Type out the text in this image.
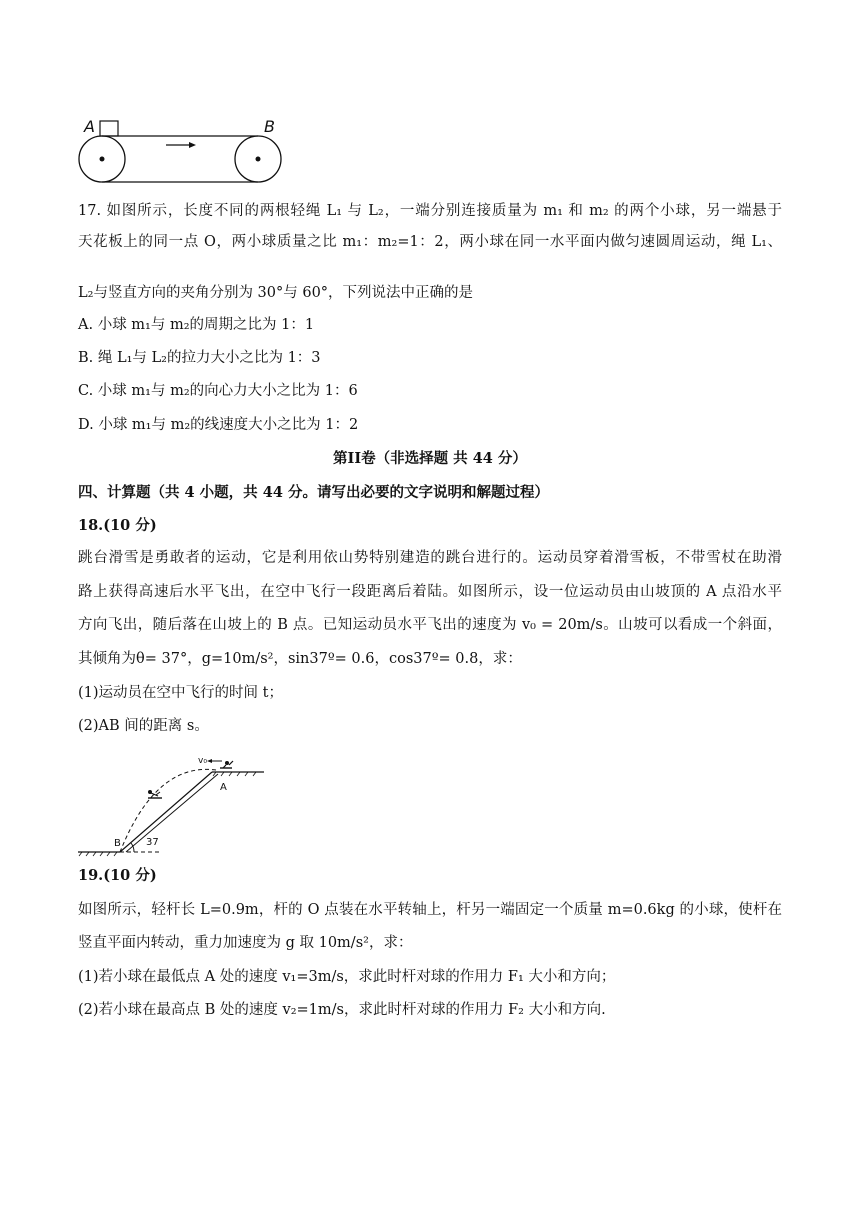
A	B
17. 如图所示，长度不同的两根轻绳 L₁ 与 L₂，一端分别连接质量为 m₁ 和 m₂ 的两个小球，另一端悬于
天花板上的同一点 O，两小球质量之比 m₁：m₂=1：2，两小球在同一水平面内做匀速圆周运动，绳 L₁、
L₂与竖直方向的夹角分别为 30°与 60°，下列说法中正确的是
A. 小球 m₁与 m₂的周期之比为 1：1
B. 绳 L₁与 L₂的拉力大小之比为 1：3
C. 小球 m₁与 m₂的向心力大小之比为 1：6
D. 小球 m₁与 m₂的线速度大小之比为 1：2
第II卷（非选择题 共 44 分）
四、计算题（共 4 小题，共 44 分。请写出必要的文字说明和解题过程）
18.(10 分)
跳台滑雪是勇敢者的运动，它是利用依山势特别建造的跳台进行的。运动员穿着滑雪板，不带雪杖在助滑
路上获得高速后水平飞出，在空中飞行一段距离后着陆。如图所示，设一位运动员由山坡顶的 A 点沿水平
方向飞出，随后落在山坡上的 B 点。已知运动员水平飞出的速度为 v₀ = 20m/s。山坡可以看成一个斜面，
其倾角为θ= 37°，g=10m/s²，sin37º= 0.6，cos37º= 0.8，求：
(1)运动员在空中飞行的时间 t；
(2)AB 间的距离 s。
v₀
A
B	37
19.(10 分)
如图所示，轻杆长 L=0.9m，杆的 O 点装在水平转轴上，杆另一端固定一个质量 m=0.6kg 的小球，使杆在
竖直平面内转动，重力加速度为 g 取 10m/s²，求：
(1)若小球在最低点 A 处的速度 v₁=3m/s，求此时杆对球的作用力 F₁ 大小和方向；
(2)若小球在最高点 B 处的速度 v₂=1m/s，求此时杆对球的作用力 F₂ 大小和方向.
